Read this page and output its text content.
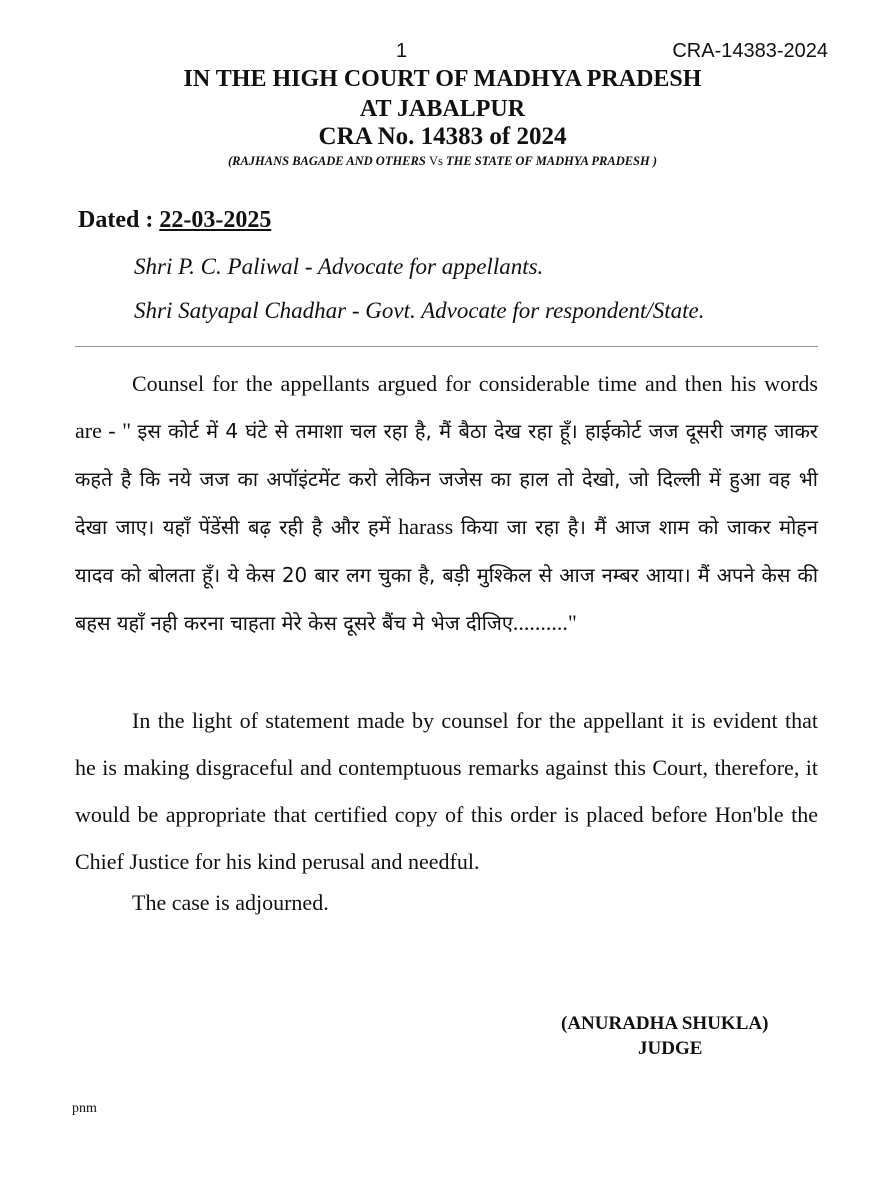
1	CRA-14383-2024
IN THE HIGH COURT OF MADHYA PRADESH
AT JABALPUR
CRA No. 14383 of 2024
(RAJHANS BAGADE AND OTHERS Vs THE STATE OF MADHYA PRADESH )
Dated : 22-03-2025
Shri P. C. Paliwal - Advocate for appellants.
Shri Satyapal Chadhar - Govt. Advocate for respondent/State.
Counsel for the appellants argued for considerable time and then his words are - " इस कोर्ट में 4 घंटे से तमाशा चल रहा है, मैं बैठा देख रहा हूँ। हाईकोर्ट जज दूसरी जगह जाकर कहते है कि नये जज का अपॉइंटमेंट करो लेकिन जजेस का हाल तो देखो, जो दिल्ली में हुआ वह भी देखा जाए। यहाँ पेंडेंसी बढ़ रही है और हमें harass किया जा रहा है। मैं आज शाम को जाकर मोहन यादव को बोलता हूँ। ये केस 20 बार लग चुका है, बड़ी मुश्किल से आज नम्बर आया। मैं अपने केस की बहस यहाँ नही करना चाहता मेरे केस दूसरे बैंच मे भेज दीजिए.........."
In the light of statement made by counsel for the appellant it is evident that he is making disgraceful and contemptuous remarks against this Court, therefore, it would be appropriate that certified copy of this order is placed before Hon'ble the Chief Justice for his kind perusal and needful.
The case is adjourned.
(ANURADHA SHUKLA)
JUDGE
pnm
